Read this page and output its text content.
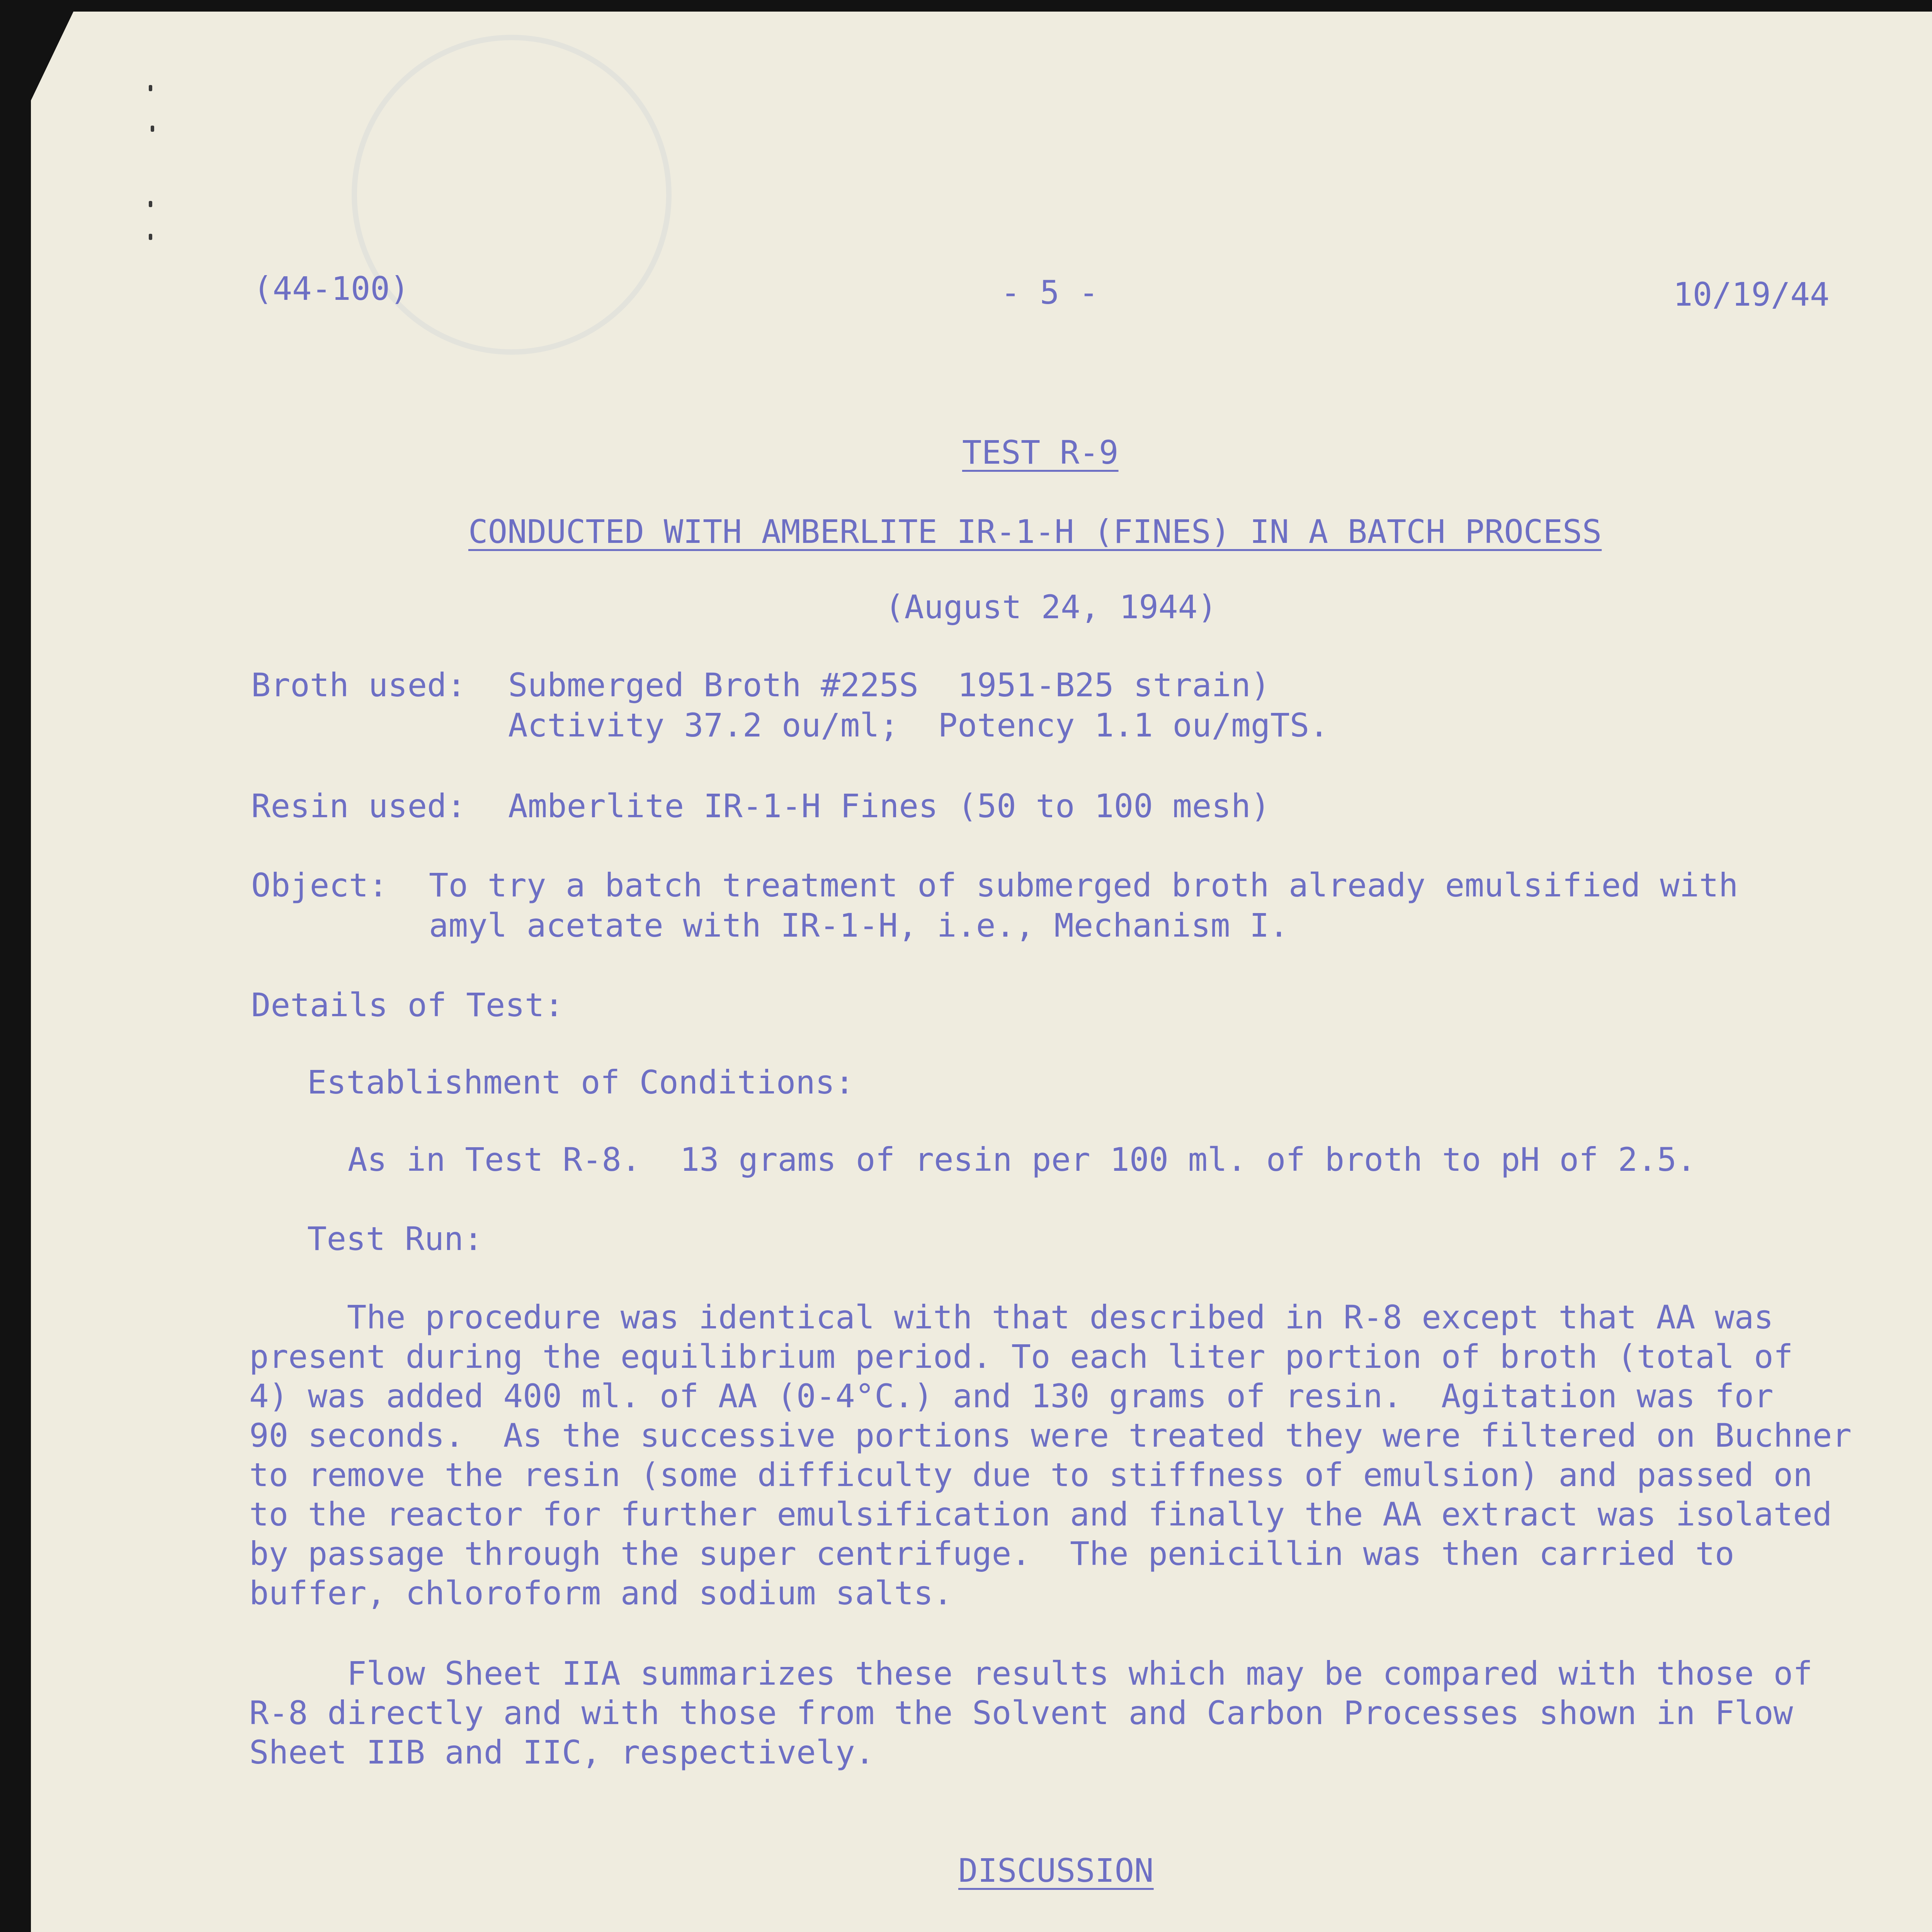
(44-100)	- 5 -	10/19/44
TEST R-9
CONDUCTED WITH AMBERLITE IR-1-H (FINES) IN A BATCH PROCESS
(August 24, 1944)
Broth used: Submerged Broth #225S  1951-B25 strain)
Activity 37.2 ou/ml;  Potency 1.1 ou/mgTS.
Resin used: Amberlite IR-1-H Fines (50 to 100 mesh)
Object: To try a batch treatment of submerged broth already emulsified with
amyl acetate with IR-1-H, i.e., Mechanism I.
Details of Test:
Establishment of Conditions:
As in Test R-8.  13 grams of resin per 100 ml. of broth to pH of 2.5.
Test Run:
The procedure was identical with that described in R-8 except that AA was
present during the equilibrium period. To each liter portion of broth (total of
4) was added 400 ml. of AA (0-4°C.) and 130 grams of resin.  Agitation was for
90 seconds.  As the successive portions were treated they were filtered on Buchner
to remove the resin (some difficulty due to stiffness of emulsion) and passed on
to the reactor for further emulsification and finally the AA extract was isolated
by passage through the super centrifuge.  The penicillin was then carried to
buffer, chloroform and sodium salts.
Flow Sheet IIA summarizes these results which may be compared with those of
R-8 directly and with those from the Solvent and Carbon Processes shown in Flow
Sheet IIB and IIC, respectively.
DISCUSSION
